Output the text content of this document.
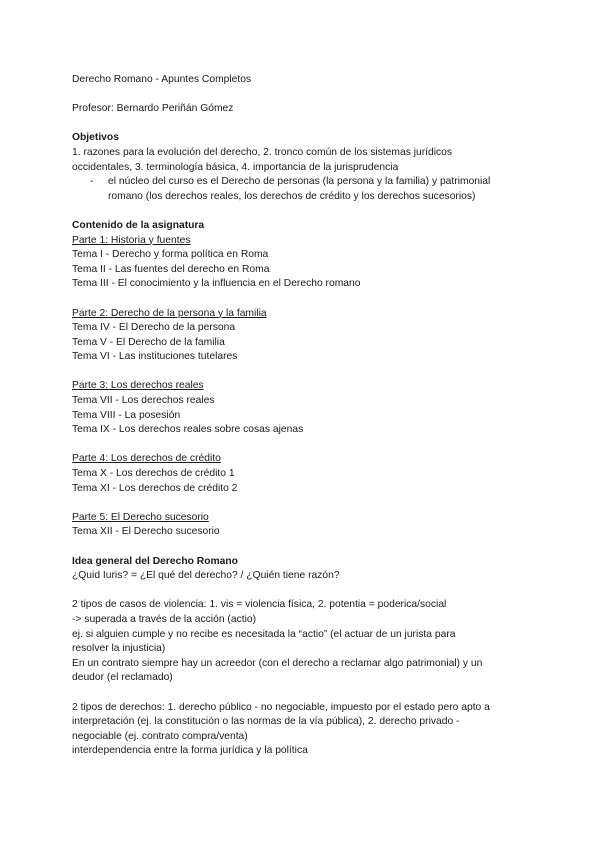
Derecho Romano - Apuntes Completos
Profesor: Bernardo Periñán Gómez
Objetivos
1. razones para la evolución del derecho, 2. tronco común de los sistemas jurídicos
occidentales, 3. terminología básica, 4. importancia de la jurisprudencia
- el núcleo del curso es el Derecho de personas (la persona y la familia) y patrimonial
romano (los derechos reales, los derechos de crédito y los derechos sucesorios)
Contenido de la asignatura
Parte 1: Historia y fuentes
Tema I - Derecho y forma política en Roma
Tema II - Las fuentes del derecho en Roma
Tema III - El conocimiento y la influencia en el Derecho romano
Parte 2: Derecho de la persona y la familia
Tema IV - El Derecho de la persona
Tema V - El Derecho de la familia
Tema VI - Las instituciones tutelares
Parte 3: Los derechos reales
Tema VII - Los derechos reales
Tema VIII - La posesión
Tema IX - Los derechos reales sobre cosas ajenas
Parte 4: Los derechos de crédito
Tema X - Los derechos de crédito 1
Tema XI - Los derechos de crédito 2
Parte 5: El Derecho sucesorio
Tema XII - El Derecho sucesorio
Idea general del Derecho Romano
¿Quid Iuris? = ¿El qué del derecho? / ¿Quién tiene razón?
2 tipos de casos de violencia: 1. vis = violencia física, 2. potentia = poderica/social
-> superada a través de la acción (actio)
ej. si alguien cumple y no recibe es necesitada la “actio” (el actuar de un jurista para
resolver la injusticia)
En un contrato siempre hay un acreedor (con el derecho a reclamar algo patrimonial) y un
deudor (el reclamado)
2 tipos de derechos: 1. derecho público - no negociable, impuesto por el estado pero apto a
interpretación (ej. la constitución o las normas de la vía pública), 2. derecho privado -
negociable (ej. contrato compra/venta)
interdependencia entre la forma jurídica y la política
